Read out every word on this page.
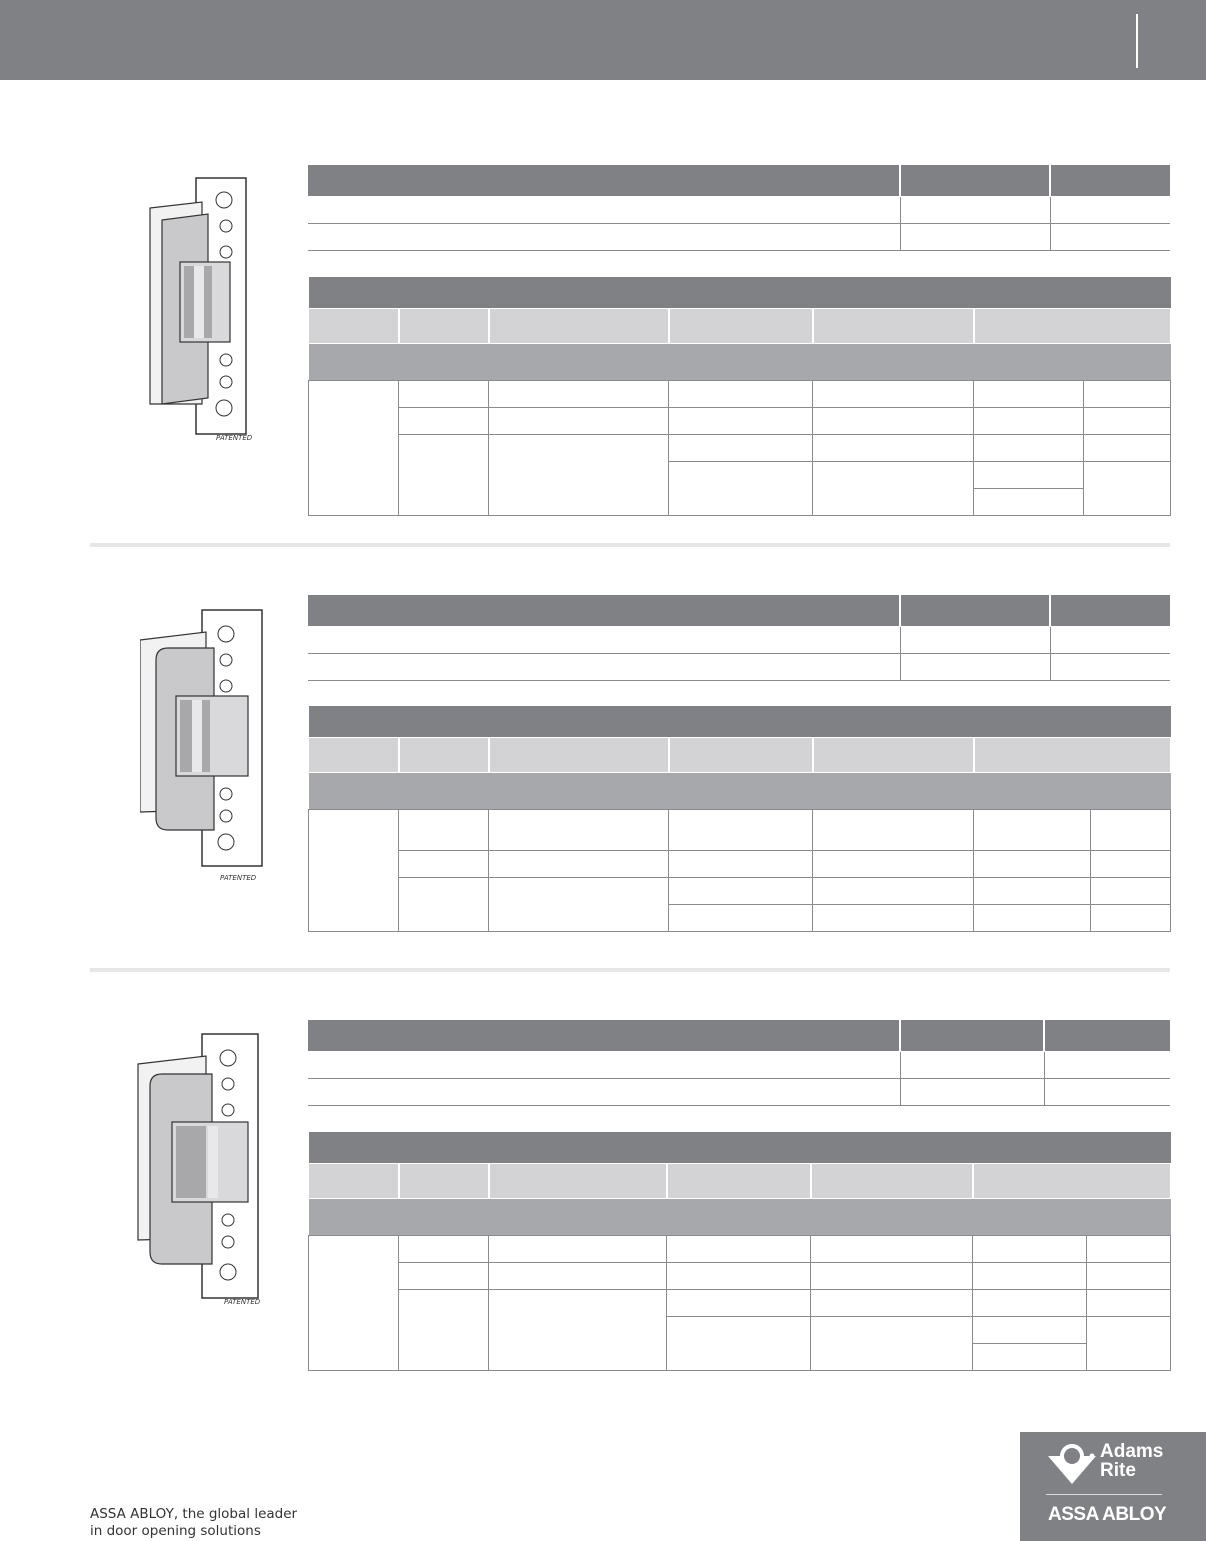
PATENTED

PATENTED

PATENTED

ASSA ABLOY, the global leader
in door opening solutions
Adams
Rite
ASSA ABLOY
